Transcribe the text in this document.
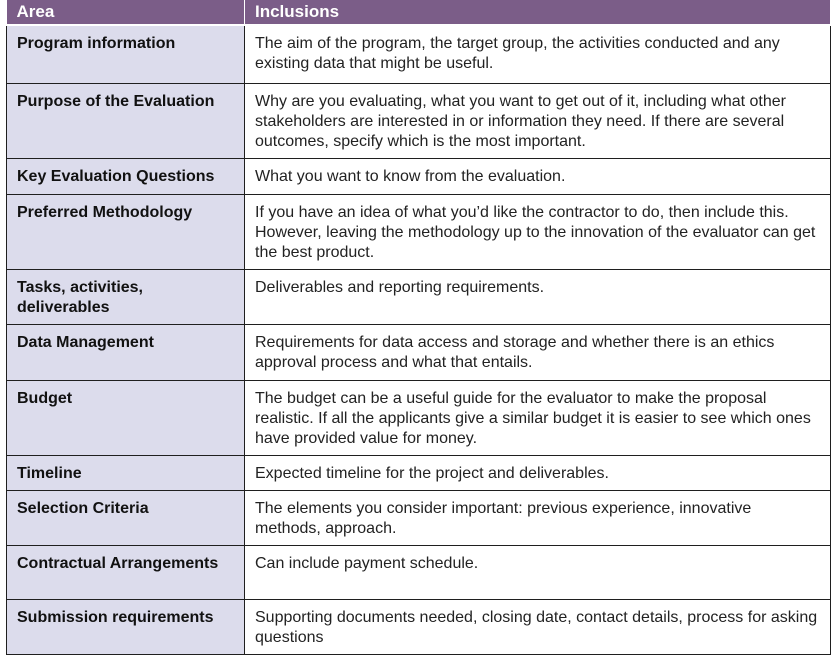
Area	Inclusions
Program information	The aim of the program, the target group, the activities conducted and any existing data that might be useful.
Purpose of the Evaluation	Why are you evaluating, what you want to get out of it, including what other stakeholders are interested in or information they need. If there are several outcomes, specify which is the most important.
Key Evaluation Questions	What you want to know from the evaluation.
Preferred Methodology	If you have an idea of what you’d like the contractor to do, then include this. However, leaving the methodology up to the innovation of the evaluator can get the best product.
Tasks, activities, deliverables	Deliverables and reporting requirements.
Data Management	Requirements for data access and storage and whether there is an ethics approval process and what that entails.
Budget	The budget can be a useful guide for the evaluator to make the proposal realistic. If all the applicants give a similar budget it is easier to see which ones have provided value for money.
Timeline	Expected timeline for the project and deliverables.
Selection Criteria	The elements you consider important: previous experience, innovative methods, approach.
Contractual Arrangements	Can include payment schedule.
Submission requirements	Supporting documents needed, closing date, contact details, process for asking questions
